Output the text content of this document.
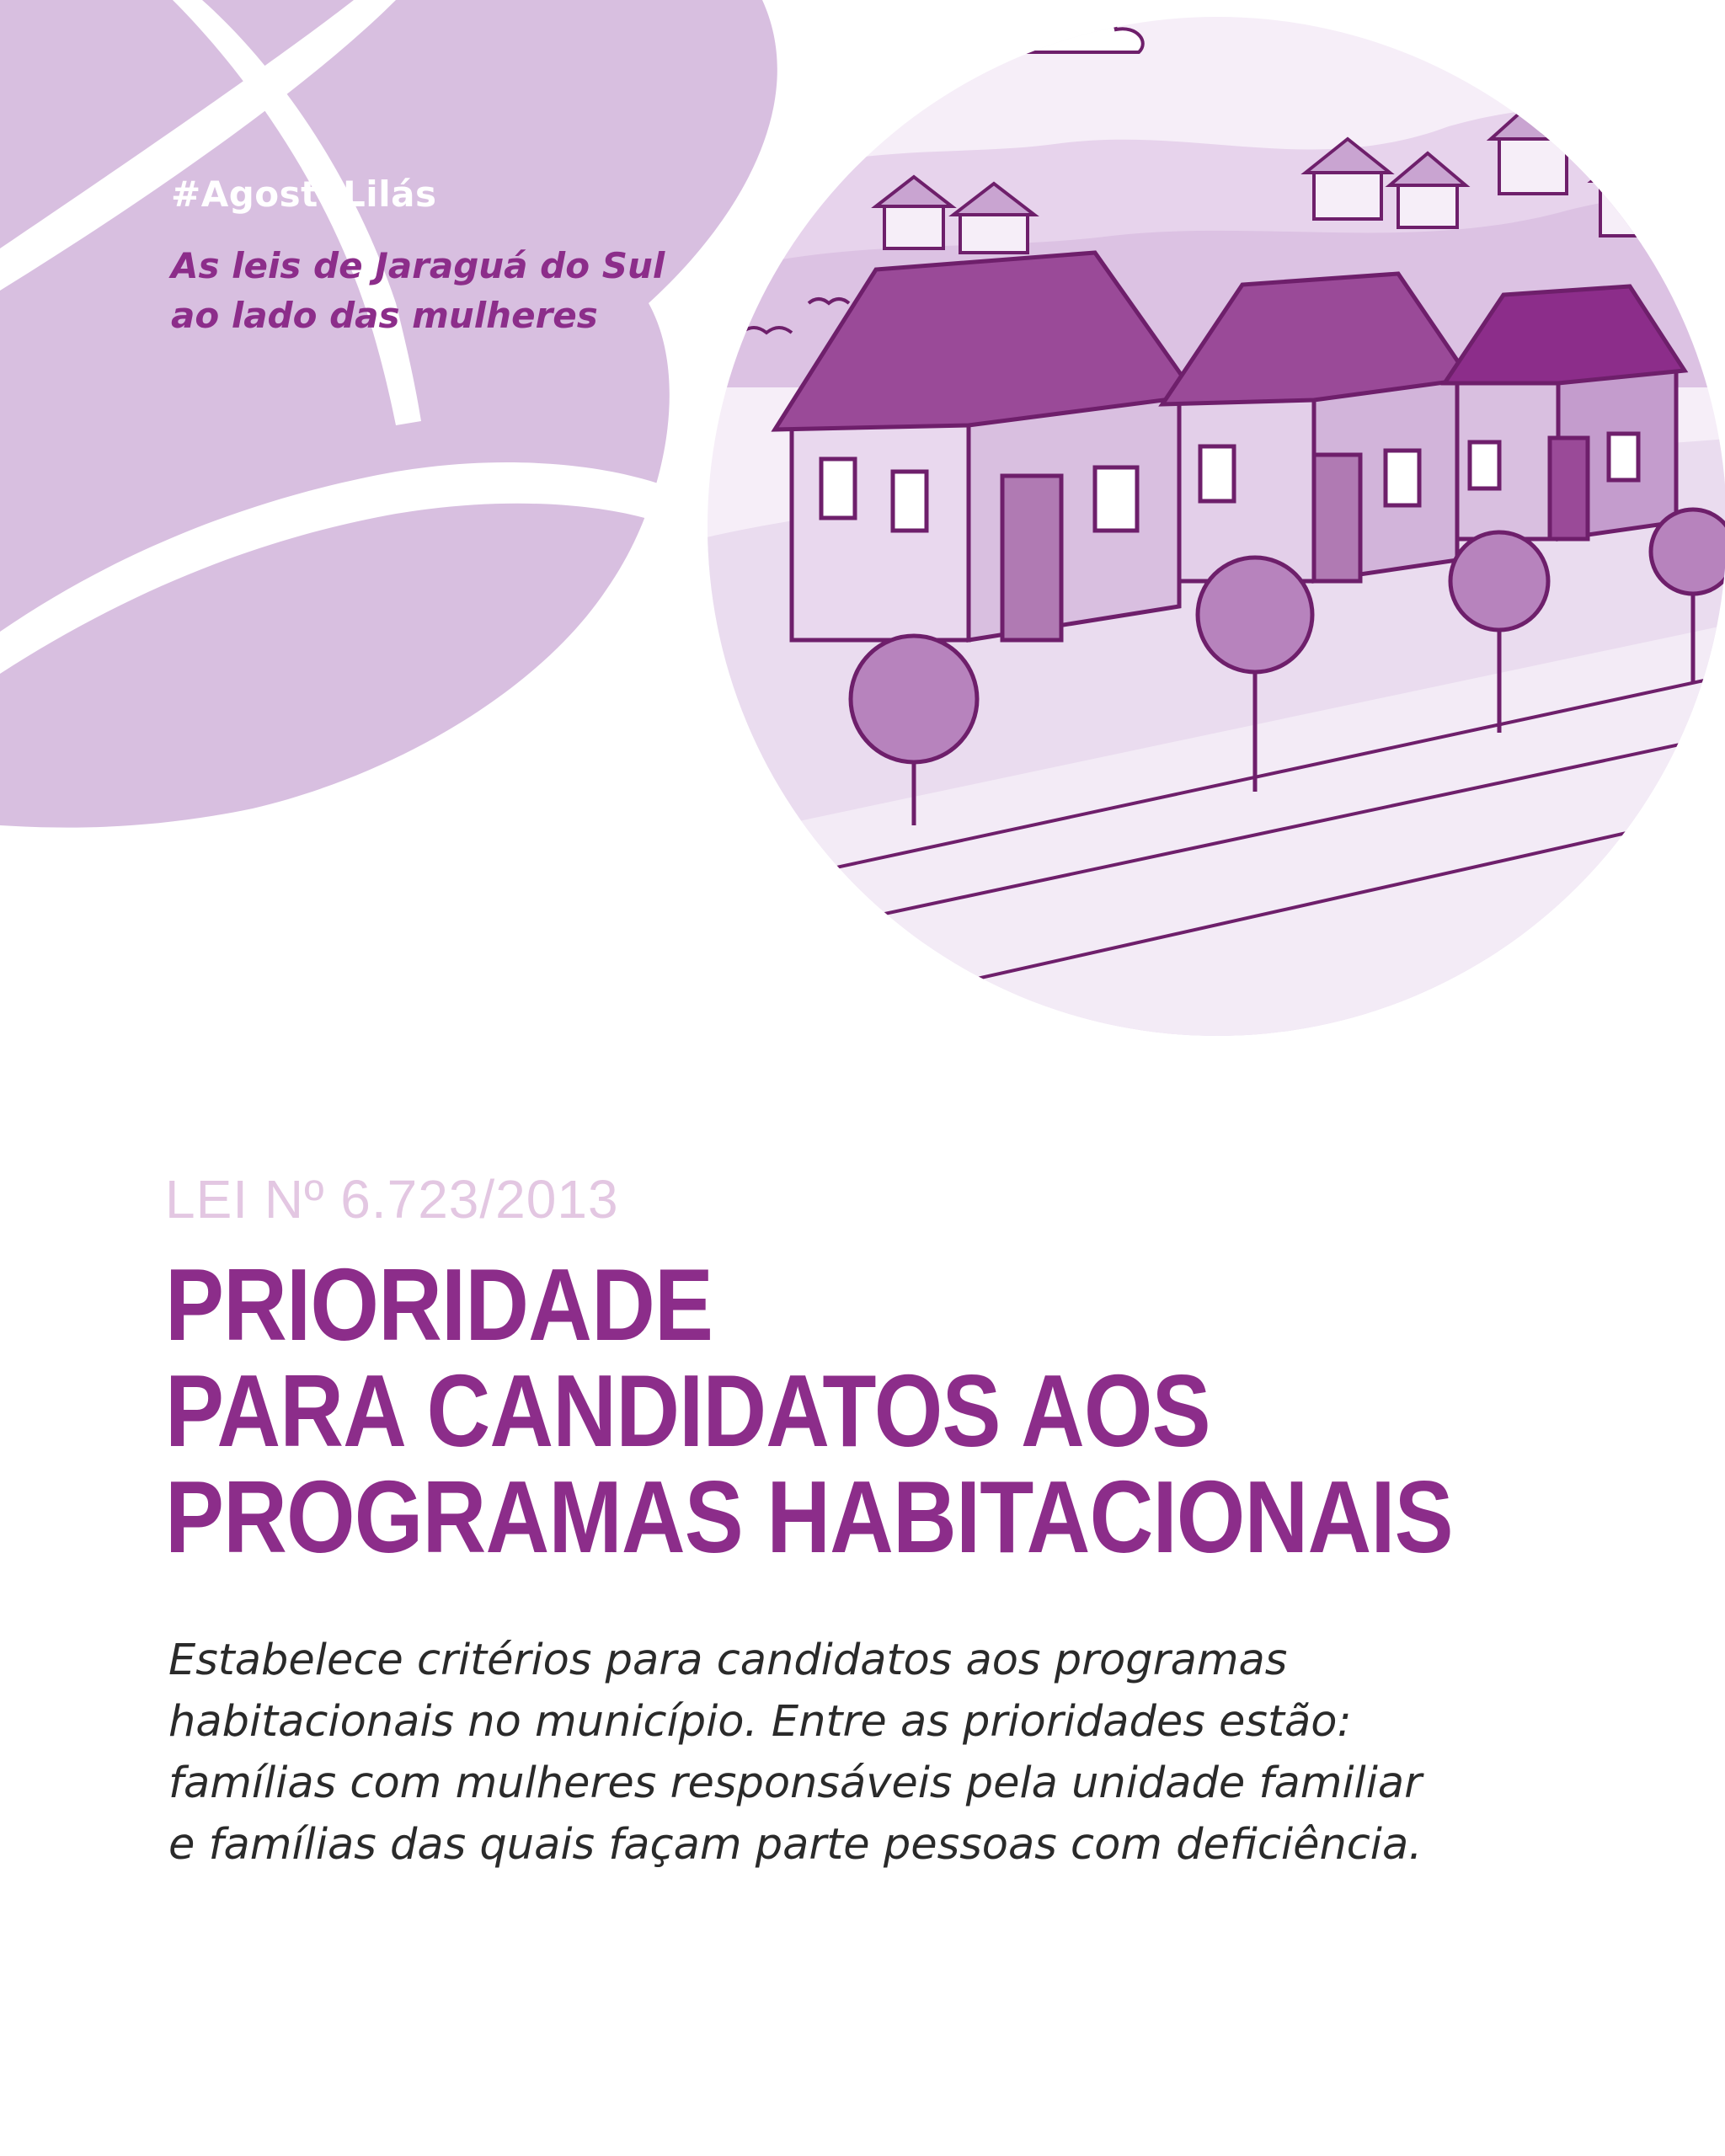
#AgostoLilás

As leis de Jaraguá do Sul
ao lado das mulheres

LEI Nº 6.723/2013

PRIORIDADE
PARA CANDIDATOS AOS
PROGRAMAS HABITACIONAIS

Estabelece critérios para candidatos aos programas
habitacionais no município. Entre as prioridades estão:
famílias com mulheres responsáveis pela unidade familiar
e famílias das quais façam parte pessoas com deficiência.
